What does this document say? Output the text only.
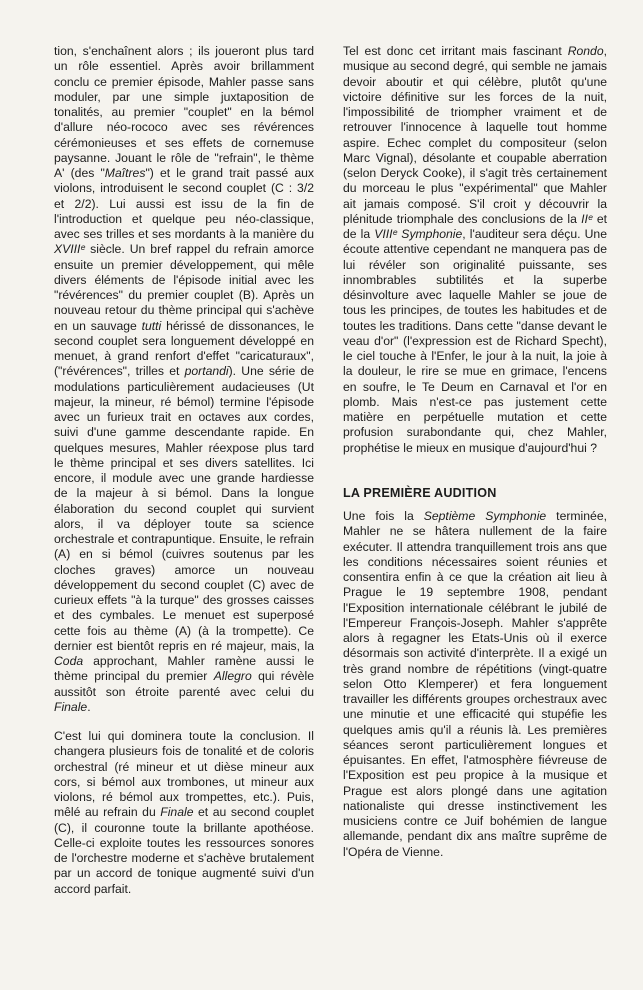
tion, s'enchaînent alors ; ils joueront plus tard un rôle essentiel. Après avoir brillamment conclu ce premier épisode, Mahler passe sans moduler, par une simple juxtaposition de tonalités, au premier "couplet" en la bémol d'allure néo-rococo avec ses révérences cérémonieuses et ses effets de cornemuse paysanne. Jouant le rôle de "refrain", le thème A' (des "Maîtres") et le grand trait passé aux violons, introduisent le second couplet (C : 3/2 et 2/2). Lui aussi est issu de la fin de l'introduction et quelque peu néo-classique, avec ses trilles et ses mordants à la manière du XVIIIᵉ siècle. Un bref rappel du refrain amorce ensuite un premier développement, qui mêle divers éléments de l'épisode initial avec les "révérences" du premier couplet (B). Après un nouveau retour du thème principal qui s'achève en un sauvage tutti hérissé de dissonances, le second couplet sera longuement développé en menuet, à grand renfort d'effet "caricaturaux", ("révérences", trilles et portandi). Une série de modulations particulièrement audacieuses (Ut majeur, la mineur, ré bémol) termine l'épisode avec un furieux trait en octaves aux cordes, suivi d'une gamme descendante rapide. En quelques mesures, Mahler réexpose plus tard le thème principal et ses divers satellites. Ici encore, il module avec une grande hardiesse de la majeur à si bémol. Dans la longue élaboration du second couplet qui survient alors, il va déployer toute sa science orchestrale et contrapuntique. Ensuite, le refrain (A) en si bémol (cuivres soutenus par les cloches graves) amorce un nouveau développement du second couplet (C) avec de curieux effets "à la turque" des grosses caisses et des cymbales. Le menuet est superposé cette fois au thème (A) (à la trompette). Ce dernier est bientôt repris en ré majeur, mais, la Coda approchant, Mahler ramène aussi le thème principal du premier Allegro qui révèle aussitôt son étroite parenté avec celui du Finale.

C'est lui qui dominera toute la conclusion. Il changera plusieurs fois de tonalité et de coloris orchestral (ré mineur et ut dièse mineur aux cors, si bémol aux trombones, ut mineur aux violons, ré bémol aux trompettes, etc.). Puis, mêlé au refrain du Finale et au second couplet (C), il couronne toute la brillante apothéose. Celle-ci exploite toutes les ressources sonores de l'orchestre moderne et s'achève brutalement par un accord de tonique augmenté suivi d'un accord parfait.

Tel est donc cet irritant mais fascinant Rondo, musique au second degré, qui semble ne jamais devoir aboutir et qui célèbre, plutôt qu'une victoire définitive sur les forces de la nuit, l'impossibilité de triompher vraiment et de retrouver l'innocence à laquelle tout homme aspire. Echec complet du compositeur (selon Marc Vignal), désolante et coupable aberration (selon Deryck Cooke), il s'agit très certainement du morceau le plus "expérimental" que Mahler ait jamais composé. S'il croit y découvrir la plénitude triomphale des conclusions de la IIᵉ et de la VIIIᵉ Symphonie, l'auditeur sera déçu. Une écoute attentive cependant ne manquera pas de lui révéler son originalité puissante, ses innombrables subtilités et la superbe désinvolture avec laquelle Mahler se joue de tous les principes, de toutes les habitudes et de toutes les traditions. Dans cette "danse devant le veau d'or" (l'expression est de Richard Specht), le ciel touche à l'Enfer, le jour à la nuit, la joie à la douleur, le rire se mue en grimace, l'encens en soufre, le Te Deum en Carnaval et l'or en plomb. Mais n'est-ce pas justement cette matière en perpétuelle mutation et cette profusion surabondante qui, chez Mahler, prophétise le mieux en musique d'aujourd'hui ?

LA PREMIÈRE AUDITION

Une fois la Septième Symphonie terminée, Mahler ne se hâtera nullement de la faire exécuter. Il attendra tranquillement trois ans que les conditions nécessaires soient réunies et consentira enfin à ce que la création ait lieu à Prague le 19 septembre 1908, pendant l'Exposition internationale célébrant le jubilé de l'Empereur François-Joseph. Mahler s'apprête alors à regagner les Etats-Unis où il exerce désormais son activité d'interprète. Il a exigé un très grand nombre de répétitions (vingt-quatre selon Otto Klemperer) et fera longuement travailler les différents groupes orchestraux avec une minutie et une efficacité qui stupéfie les quelques amis qu'il a réunis là. Les premières séances seront particulièrement longues et épuisantes. En effet, l'atmosphère fiévreuse de l'Exposition est peu propice à la musique et Prague est alors plongé dans une agitation nationaliste qui dresse instinctivement les musiciens contre ce Juif bohémien de langue allemande, pendant dix ans maître suprême de l'Opéra de Vienne.
